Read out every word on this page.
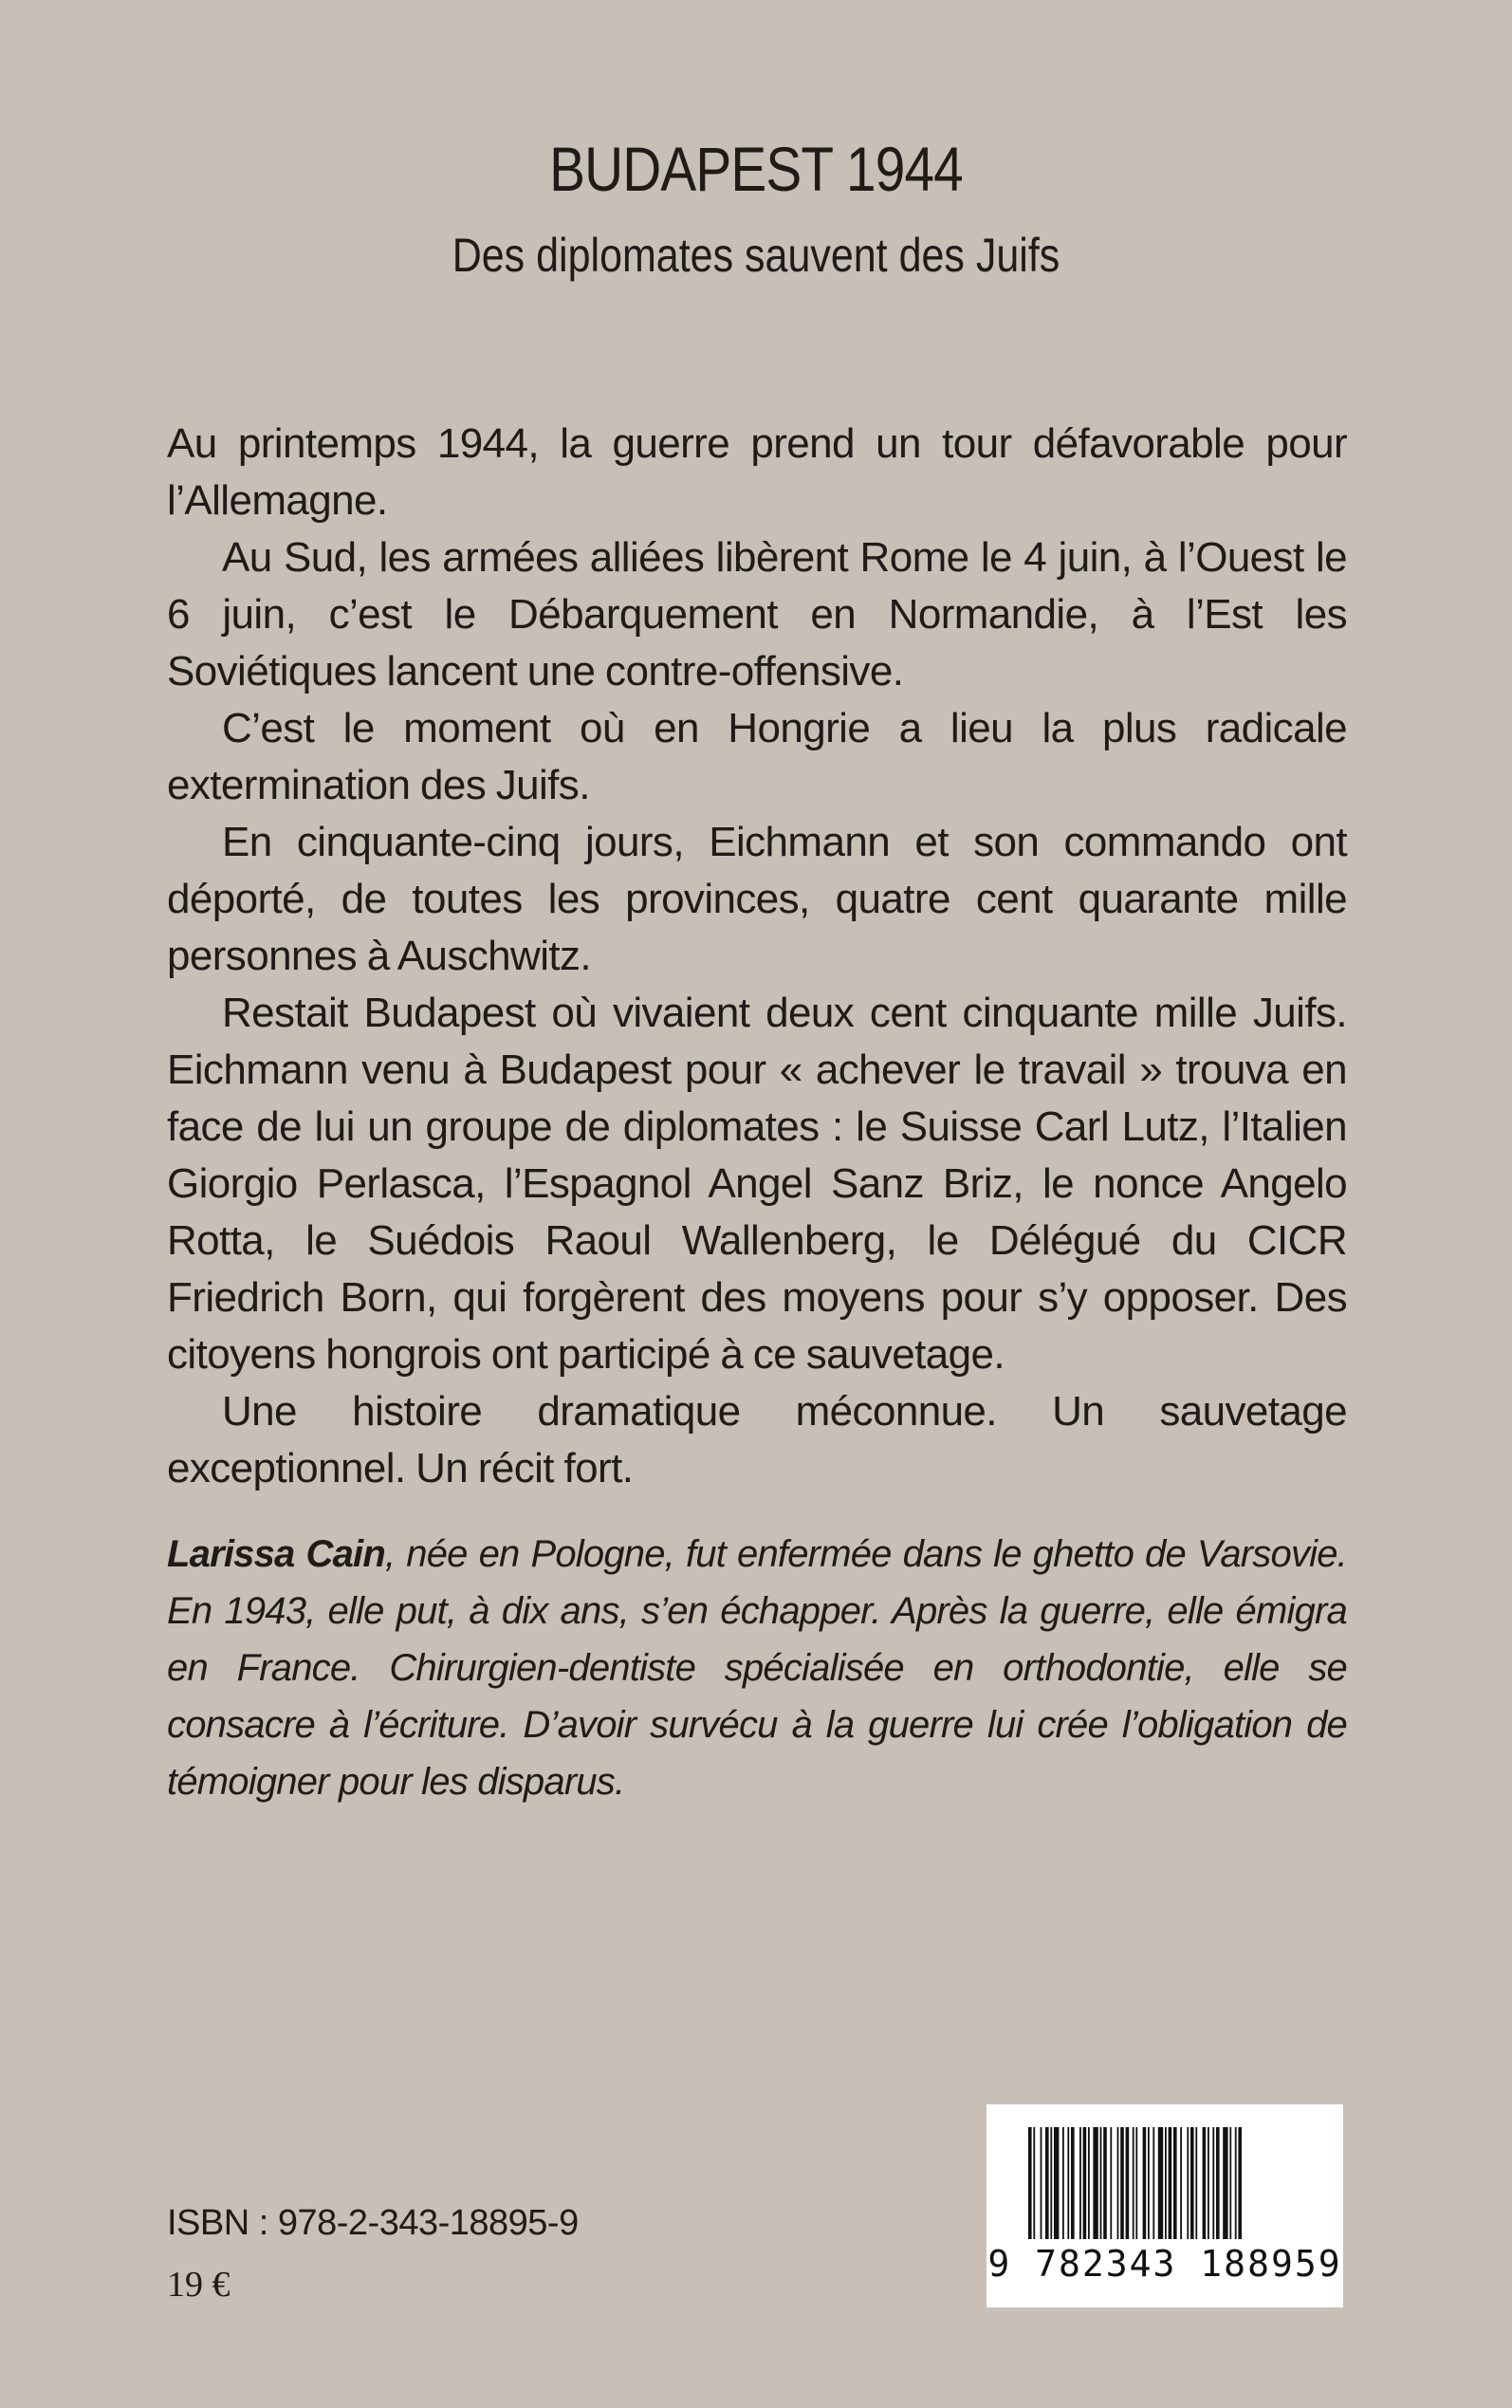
BUDAPEST 1944
Des diplomates sauvent des Juifs

Au printemps 1944, la guerre prend un tour défavorable pour l’Allemagne.

Au Sud, les armées alliées libèrent Rome le 4 juin, à l’Ouest le 6 juin, c’est le Débarquement en Normandie, à l’Est les Soviétiques lancent une contre-offensive.

C’est le moment où en Hongrie a lieu la plus radicale extermination des Juifs.

En cinquante-cinq jours, Eichmann et son commando ont déporté, de toutes les provinces, quatre cent quarante mille personnes à Auschwitz.

Restait Budapest où vivaient deux cent cinquante mille Juifs. Eichmann venu à Budapest pour « achever le travail » trouva en face de lui un groupe de diplomates : le Suisse Carl Lutz, l’Italien Giorgio Perlasca, l’Espagnol Angel Sanz Briz, le nonce Angelo Rotta, le Suédois Raoul Wallenberg, le Délégué du CICR Friedrich Born, qui forgèrent des moyens pour s’y opposer. Des citoyens hongrois ont participé à ce sauvetage.

Une histoire dramatique méconnue. Un sauvetage exceptionnel. Un récit fort.

Larissa Cain, née en Pologne, fut enfermée dans le ghetto de Varsovie. En 1943, elle put, à dix ans, s’en échapper. Après la guerre, elle émigra en France. Chirurgien-dentiste spécialisée en orthodontie, elle se consacre à l’écriture. D’avoir survécu à la guerre lui crée l’obligation de témoigner pour les disparus.

ISBN : 978-2-343-18895-9
19 €	9 782343 188959
